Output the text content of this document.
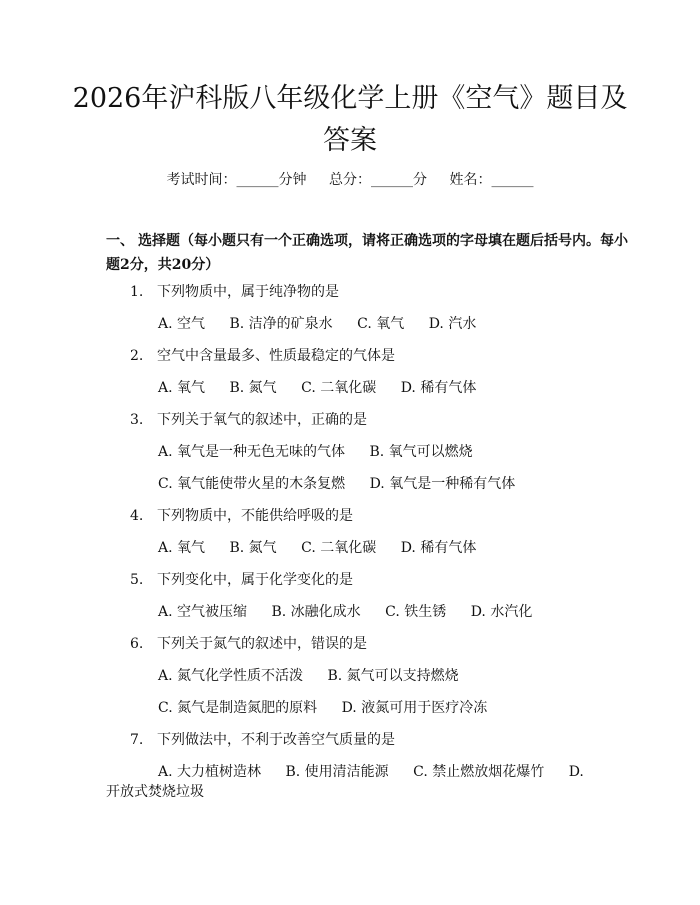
2026年沪科版八年级化学上册《空气》题目及答案
考试时间：______分钟 总分：______分 姓名：______
一、 选择题（每小题只有一个正确选项，请将正确选项的字母填在题后括号内。每小题2分，共20分）
1. 下列物质中，属于纯净物的是
A. 空气 B. 洁净的矿泉水 C. 氧气 D. 汽水
2. 空气中含量最多、性质最稳定的气体是
A. 氧气 B. 氮气 C. 二氧化碳 D. 稀有气体
3. 下列关于氧气的叙述中，正确的是
A. 氧气是一种无色无味的气体 B. 氧气可以燃烧
C. 氧气能使带火星的木条复燃 D. 氧气是一种稀有气体
4. 下列物质中，不能供给呼吸的是
A. 氧气 B. 氮气 C. 二氧化碳 D. 稀有气体
5. 下列变化中，属于化学变化的是
A. 空气被压缩 B. 冰融化成水 C. 铁生锈 D. 水汽化
6. 下列关于氮气的叙述中，错误的是
A. 氮气化学性质不活泼 B. 氮气可以支持燃烧
C. 氮气是制造氮肥的原料 D. 液氮可用于医疗冷冻
7. 下列做法中，不利于改善空气质量的是
A. 大力植树造林 B. 使用清洁能源 C. 禁止燃放烟花爆竹 D.
开放式焚烧垃圾
